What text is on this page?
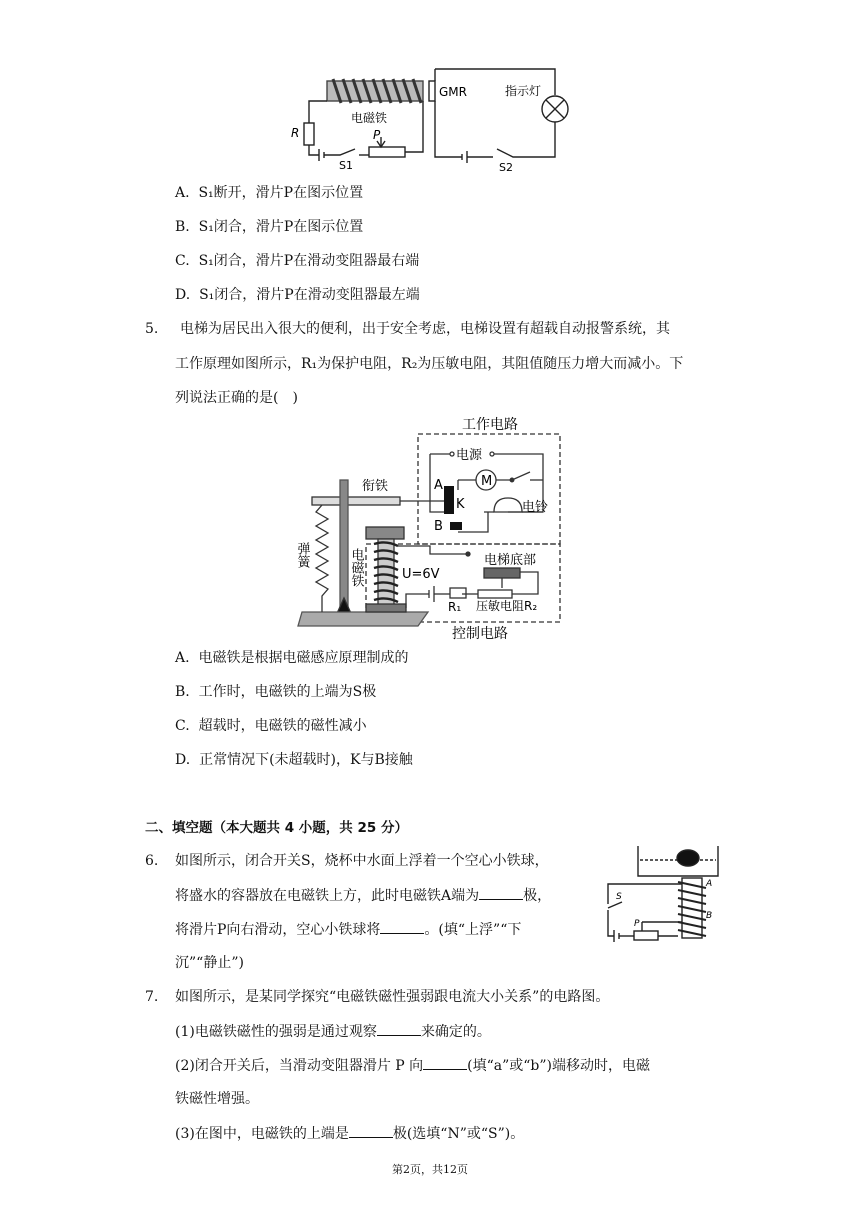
电磁铁
GMR	指示灯
R	P
S1	S2
A. S₁断开，滑片P在图示位置
B. S₁闭合，滑片P在图示位置
C. S₁闭合，滑片P在滑动变阻器最右端
D. S₁闭合，滑片P在滑动变阻器最左端
5. 电梯为居民出入很大的便利，出于安全考虑，电梯设置有超载自动报警系统，其
工作原理如图所示，R₁为保护电阻，R₂为压敏电阻，其阻值随压力增大而减小。下
列说法正确的是(　)
工作电路
电源
M
衔铁	A
K
B
电铃
弹簧	电磁铁	U=6V
电梯底部
R₁ 压敏电阻R₂
控制电路
A. 电磁铁是根据电磁感应原理制成的
B. 工作时，电磁铁的上端为S极
C. 超载时，电磁铁的磁性减小
D. 正常情况下(未超载时)，K与B接触
二、填空题（本大题共 4 小题，共 25 分）
6. 如图所示，闭合开关S，烧杯中水面上浮着一个空心小铁球，
将盛水的容器放在电磁铁上方，此时电磁铁A端为	极，
将滑片P向右滑动，空心小铁球将	。(填“上浮”“下
沉”“静止”)
S
A
B
P
7. 如图所示，是某同学探究“电磁铁磁性强弱跟电流大小关系”的电路图。
(1)电磁铁磁性的强弱是通过观察	来确定的。
(2)闭合开关后，当滑动变阻器滑片 P 向	(填“a”或“b”)端移动时，电磁
铁磁性增强。
(3)在图中，电磁铁的上端是	极(选填“N”或“S”)。
第2页，共12页
